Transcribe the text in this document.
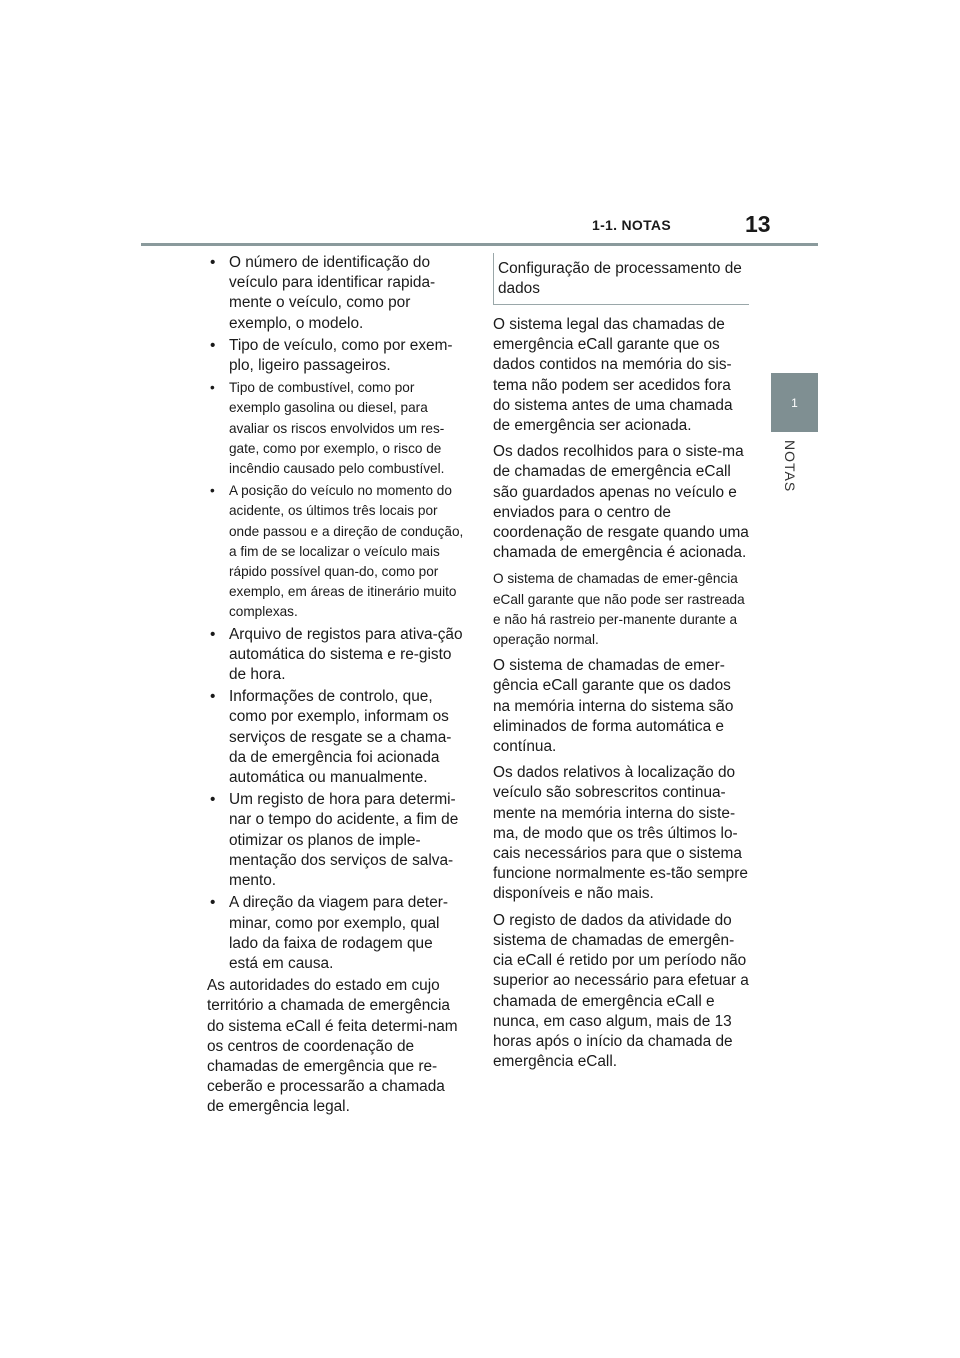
1-1. NOTAS	13
1
NOTAS
• O número de identificação do veículo para identificar rapida-mente o veículo, como por exemplo, o modelo.
• Tipo de veículo, como por exem-plo, ligeiro passageiros.
• Tipo de combustível, como por exemplo gasolina ou diesel, para avaliar os riscos envolvidos um res-gate, como por exemplo, o risco de incêndio causado pelo combustível.
• A posição do veículo no momento do acidente, os últimos três locais por onde passou e a direção de condução, a fim de se localizar o veículo mais rápido possível quan-do, como por exemplo, em áreas de itinerário muito complexas.
• Arquivo de registos para ativa-ção automática do sistema e re-gisto de hora.
• Informações de controlo, que, como por exemplo, informam os serviços de resgate se a chama-da de emergência foi acionada automática ou manualmente.
• Um registo de hora para determi-nar o tempo do acidente, a fim de otimizar os planos de imple-mentação dos serviços de salva-mento.
• A direção da viagem para deter-minar, como por exemplo, qual lado da faixa de rodagem que está em causa.
As autoridades do estado em cujo território a chamada de emergência do sistema eCall é feita determi-nam os centros de coordenação de chamadas de emergência que re-ceberão e processarão a chamada de emergência legal.
Configuração de processamento de dados

O sistema legal das chamadas de emergência eCall garante que os dados contidos na memória do sis-tema não podem ser acedidos fora do sistema antes de uma chamada de emergência ser acionada.

Os dados recolhidos para o siste-ma de chamadas de emergência eCall são guardados apenas no veículo e enviados para o centro de coordenação de resgate quando uma chamada de emergência é acionada.

O sistema de chamadas de emer-gência eCall garante que não pode ser rastreada e não há rastreio per-manente durante a operação normal.

O sistema de chamadas de emer-gência eCall garante que os dados na memória interna do sistema são eliminados de forma automática e contínua.

Os dados relativos à localização do veículo são sobrescritos continua-mente na memória interna do siste-ma, de modo que os três últimos lo-cais necessários para que o sistema funcione normalmente es-tão sempre disponíveis e não mais.

O registo de dados da atividade do sistema de chamadas de emergên-cia eCall é retido por um período não superior ao necessário para efetuar a chamada de emergência eCall e nunca, em caso algum, mais de 13 horas após o início da chamada de emergência eCall.
